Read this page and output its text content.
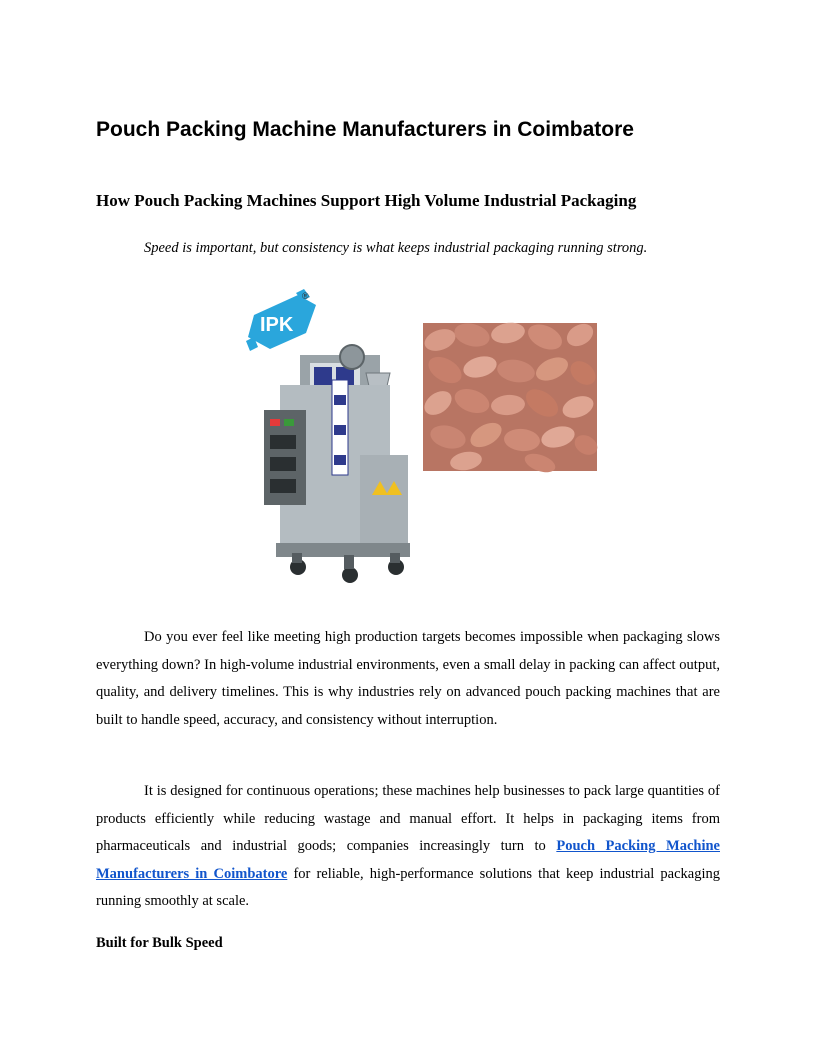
Pouch Packing Machine Manufacturers in Coimbatore
How Pouch Packing Machines Support High Volume Industrial Packaging

Speed is important, but consistency is what keeps industrial packaging running strong.

IPK
®

Do you ever feel like meeting high production targets becomes impossible when packaging slows everything down? In high-volume industrial environments, even a small delay in packing can affect output, quality, and delivery timelines. This is why industries rely on advanced pouch packing machines that are built to handle speed, accuracy, and consistency without interruption.

It is designed for continuous operations; these machines help businesses to pack large quantities of products efficiently while reducing wastage and manual effort. It helps in packaging items from pharmaceuticals and industrial goods; companies increasingly turn to Pouch Packing Machine Manufacturers in Coimbatore for reliable, high-performance solutions that keep industrial packaging running smoothly at scale.

Built for Bulk Speed
